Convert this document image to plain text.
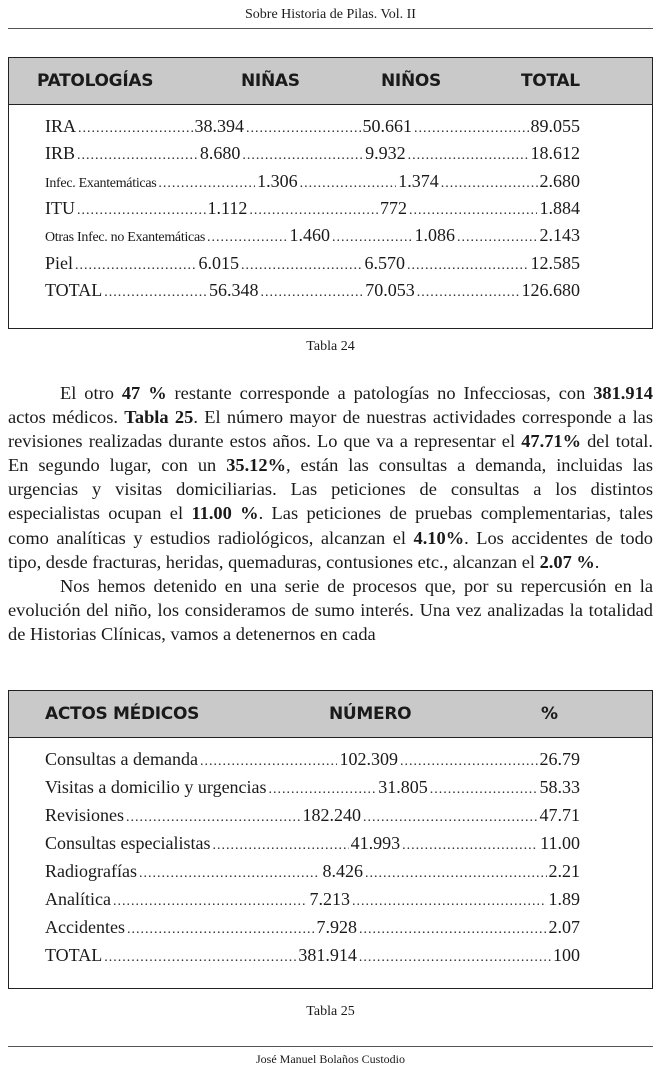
Sobre Historia de Pilas. Vol. II
PATOLOGÍAS	NIÑAS	NIÑOS	TOTAL
IRA .....	38.394 .....	50.661 .....	89.055
IRB .....	8.680 .....	9.932 .....	18.612
Infec. Exantemáticas .....	1.306 .....	1.374 .....	2.680
ITU .....	1.112 .....	772 .....	1.884
Otras Infec. no Exantemáticas .....	1.460 .....	1.086 .....	2.143
Piel .....	6.015 .....	6.570 .....	12.585
TOTAL .....	56.348 .....	70.053 .....	126.680
Tabla 24

El otro 47 % restante corresponde a patologías no Infecciosas, con 381.914 actos médicos. Tabla 25. El número mayor de nuestras actividades corresponde a las revisiones realizadas durante estos años. Lo que va a representar el 47.71% del total. En segundo lugar, con un 35.12%, están las consultas a demanda, incluidas las urgencias y visitas domiciliarias. Las peticiones de consultas a los distintos especialistas ocupan el 11.00 %. Las peticiones de pruebas complementarias, tales como analíticas y estudios radiológicos, alcanzan el 4.10%. Los accidentes de todo tipo, desde fracturas, heridas, quemaduras, contusiones etc., alcanzan el 2.07 %.

Nos hemos detenido en una serie de procesos que, por su repercusión en la evolución del niño, los consideramos de sumo interés. Una vez analizadas la totalidad de Historias Clínicas, vamos a detenernos en cada

ACTOS MÉDICOS	NÚMERO	%
Consultas a demanda .....	102.309 .....	26.79
Visitas a domicilio y urgencias .....	31.805 .....	58.33
Revisiones .....	182.240 .....	47.71
Consultas especialistas .....	41.993 .....	11.00
Radiografías .....	8.426 .....	2.21
Analítica .....	7.213 .....	1.89
Accidentes .....	7.928 .....	2.07
TOTAL .....	381.914 .....	100
Tabla 25
José Manuel Bolaños Custodio
